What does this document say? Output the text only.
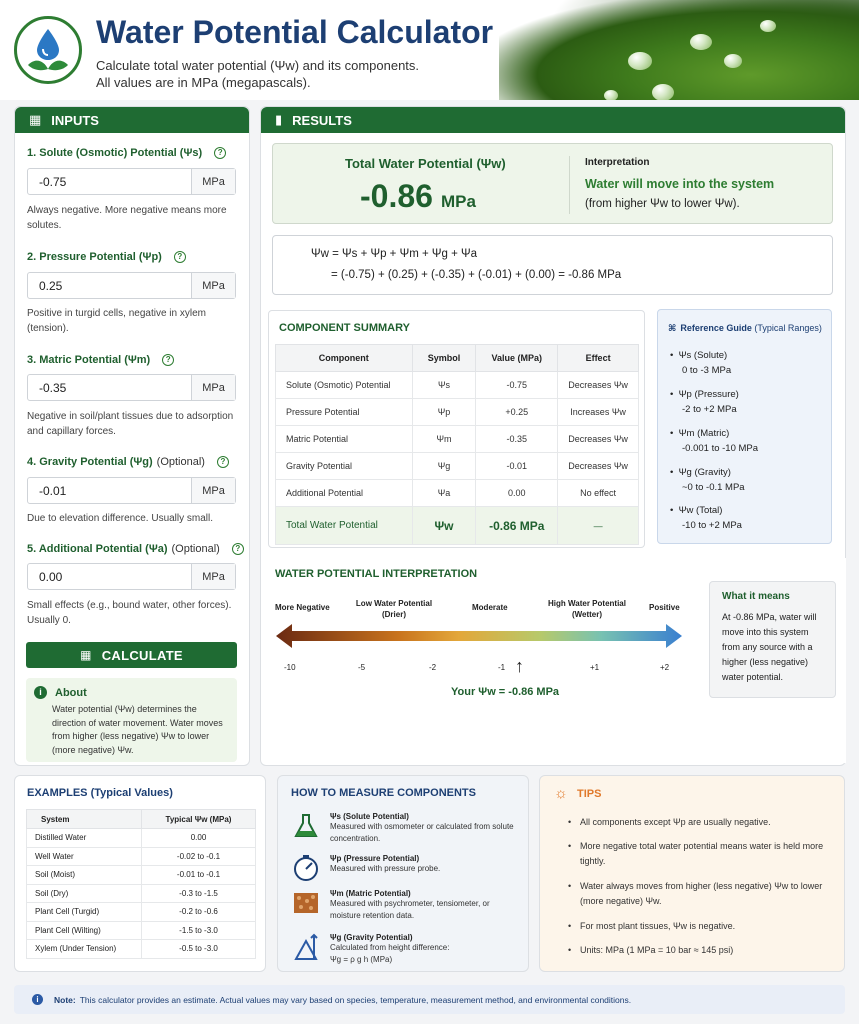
Water Potential Calculator
Calculate total water potential (Ψw) and its components.
All values are in MPa (megapascals).
▦ INPUTS
1. Solute (Osmotic) Potential (Ψs)	?
-0.75
MPa
Always negative. More negative means more solutes.
2. Pressure Potential (Ψp)	?
0.25
MPa
Positive in turgid cells, negative in xylem (tension).
3. Matric Potential (Ψm)	?
-0.35
MPa
Negative in soil/plant tissues due to adsorption and capillary forces.
4. Gravity Potential (Ψg) (Optional)	?
-0.01
MPa
Due to elevation difference. Usually small.
5. Additional Potential (Ψa) (Optional)	?
0.00
MPa
Small effects (e.g., bound water, other forces). Usually 0.
▦ CALCULATE
i	About
Water potential (Ψw) determines the direction of water movement. Water moves from higher (less negative) Ψw to lower (more negative) Ψw.
▮ RESULTS
Total Water Potential (Ψw)
-0.86 MPa
Interpretation
Water will move into the system
(from higher Ψw to lower Ψw).
Ψw = Ψs + Ψp + Ψm + Ψg + Ψa
= (-0.75) + (0.25) + (-0.35) + (-0.01) + (0.00) = -0.86 MPa
COMPONENT SUMMARY
Component	Symbol	Value (MPa)	Effect
Solute (Osmotic) Potential	Ψs	-0.75	Decreases Ψw
Pressure Potential	Ψp	+0.25	Increases Ψw
Matric Potential	Ψm	-0.35	Decreases Ψw
Gravity Potential	Ψg	-0.01	Decreases Ψw
Additional Potential	Ψa	0.00	No effect
Total Water Potential	Ψw	-0.86 MPa	—
⌘ Reference Guide (Typical Ranges)
•  Ψs (Solute)
0 to -3 MPa
•  Ψp (Pressure)
-2 to +2 MPa
•  Ψm (Matric)
-0.001 to -10 MPa
•  Ψg (Gravity)
~0 to -0.1 MPa
•  Ψw (Total)
-10 to +2 MPa
WATER POTENTIAL INTERPRETATION
More Negative	Low Water Potential
(Drier)
Moderate	High Water Potential
(Wetter)
Positive
-10	-5	-2	-1	+1	+2
↑
Your Ψw = -0.86 MPa
What it means
At -0.86 MPa, water will move into this system from any source with a higher (less negative) water potential.
EXAMPLES (Typical Values)
System	Typical Ψw (MPa)
Distilled Water	0.00
Well Water	-0.02 to -0.1
Soil (Moist)	-0.01 to -0.1
Soil (Dry)	-0.3 to -1.5
Plant Cell (Turgid)	-0.2 to -0.6
Plant Cell (Wilting)	-1.5 to -3.0
Xylem (Under Tension)	-0.5 to -3.0
HOW TO MEASURE COMPONENTS
Ψs (Solute Potential)
Measured with osmometer or calculated from solute concentration.
Ψp (Pressure Potential)
Measured with pressure probe.
Ψm (Matric Potential)
Measured with psychrometer, tensiometer, or moisture retention data.
Ψg (Gravity Potential)
Calculated from height difference:
Ψg = ρ g h (MPa)
☼ TIPS
• All components except Ψp are usually negative.
• More negative total water potential means water is held more tightly.
• Water always moves from higher (less negative) Ψw to lower (more negative) Ψw.
• For most plant tissues, Ψw is negative.
• Units: MPa (1 MPa = 10 bar ≈ 145 psi)
i	Note: This calculator provides an estimate. Actual values may vary based on species, temperature, measurement method, and environmental conditions.
